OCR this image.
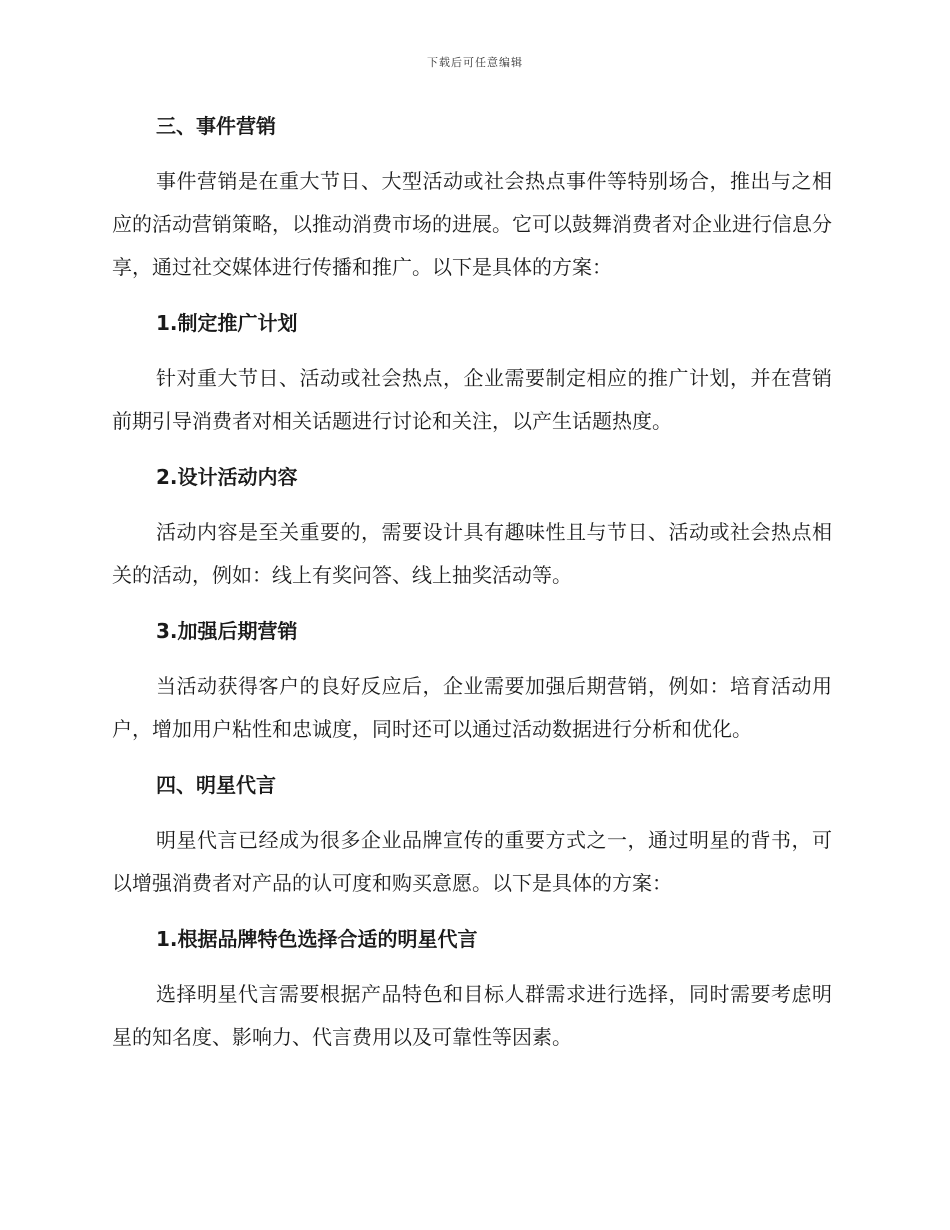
下载后可任意编辑
三、事件营销

事件营销是在重大节日、大型活动或社会热点事件等特别场合，推出与之相应的活动营销策略，以推动消费市场的进展。它可以鼓舞消费者对企业进行信息分享，通过社交媒体进行传播和推广。以下是具体的方案：

1.制定推广计划

针对重大节日、活动或社会热点，企业需要制定相应的推广计划，并在营销前期引导消费者对相关话题进行讨论和关注，以产生话题热度。

2.设计活动内容

活动内容是至关重要的，需要设计具有趣味性且与节日、活动或社会热点相关的活动，例如：线上有奖问答、线上抽奖活动等。

3.加强后期营销

当活动获得客户的良好反应后，企业需要加强后期营销，例如：培育活动用户，增加用户粘性和忠诚度，同时还可以通过活动数据进行分析和优化。

四、明星代言

明星代言已经成为很多企业品牌宣传的重要方式之一，通过明星的背书，可以增强消费者对产品的认可度和购买意愿。以下是具体的方案：

1.根据品牌特色选择合适的明星代言

选择明星代言需要根据产品特色和目标人群需求进行选择，同时需要考虑明星的知名度、影响力、代言费用以及可靠性等因素。
